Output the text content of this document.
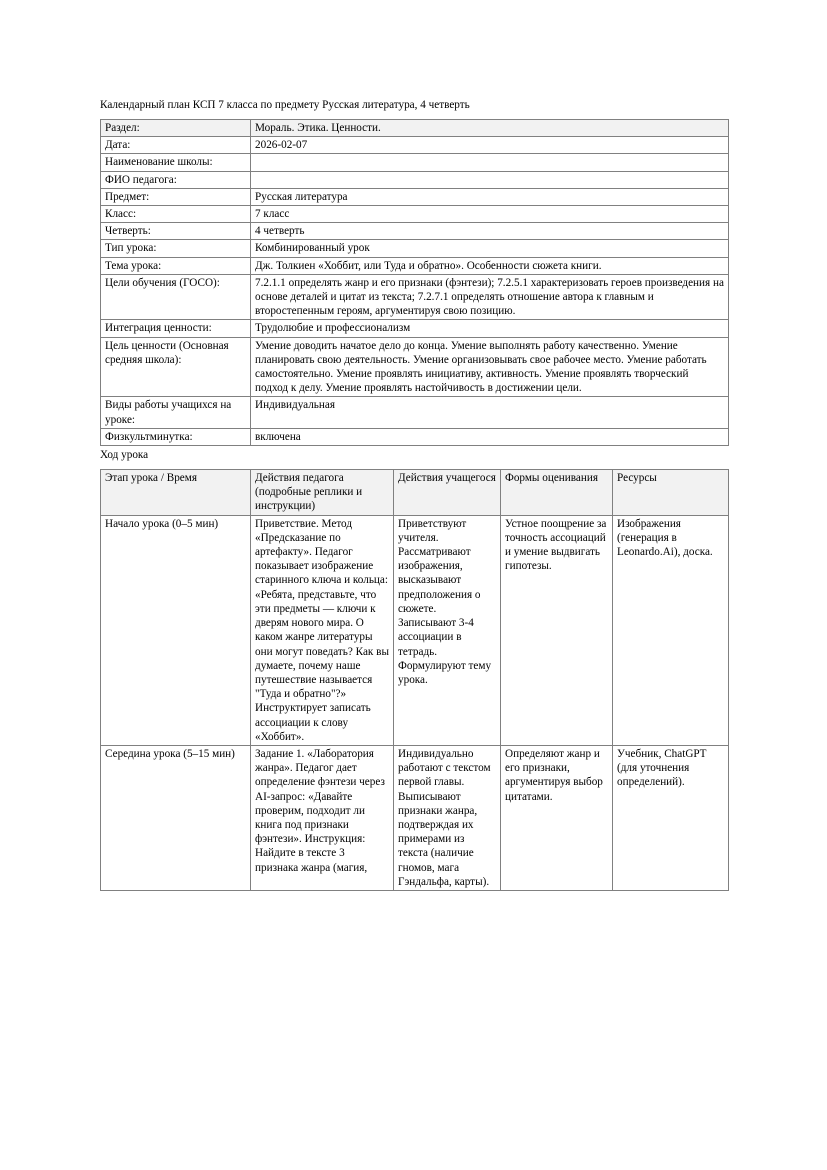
Календарный план КСП 7 класса по предмету Русская литература, 4 четверть
Раздел:	Мораль. Этика. Ценности.
Дата:	2026-02-07
Наименование школы:	
ФИО педагога:	
Предмет:	Русская литература
Класс:	7 класс
Четверть:	4 четверть
Тип урока:	Комбинированный урок
Тема урока:	Дж. Толкиен «Хоббит, или Туда и обратно». Особенности сюжета книги.
Цели обучения (ГОСО):	7.2.1.1 определять жанр и его признаки (фэнтези); 7.2.5.1 характеризовать героев произведения на основе деталей и цитат из текста; 7.2.7.1 определять отношение автора к главным и второстепенным героям, аргументируя свою позицию.
Интеграция ценности:	Трудолюбие и профессионализм
Цель ценности (Основная средняя школа):	Умение доводить начатое дело до конца. Умение выполнять работу качественно. Умение планировать свою деятельность. Умение организовывать свое рабочее место. Умение работать самостоятельно. Умение проявлять инициативу, активность. Умение проявлять творческий подход к делу. Умение проявлять настойчивость в достижении цели.
Виды работы учащихся на уроке:	Индивидуальная
Физкультминутка:	включена
Ход урока
Этап урока / Время	Действия педагога (подробные реплики и инструкции)	Действия учащегося	Формы оценивания	Ресурсы
Начало урока (0–5 мин)	Приветствие. Метод «Предсказание по артефакту». Педагог показывает изображение старинного ключа и кольца: «Ребята, представьте, что эти предметы — ключи к дверям нового мира. О каком жанре литературы они могут поведать? Как вы думаете, почему наше путешествие называется "Туда и обратно"?» Инструктирует записать ассоциации к слову «Хоббит».	Приветствуют учителя. Рассматривают изображения, высказывают предположения о сюжете. Записывают 3-4 ассоциации в тетрадь. Формулируют тему урока.	Устное поощрение за точность ассоциаций и умение выдвигать гипотезы.	Изображения (генерация в Leonardo.Ai), доска.
Середина урока (5–15 мин)	Задание 1. «Лаборатория жанра». Педагог дает определение фэнтези через AI-запрос: «Давайте проверим, подходит ли книга под признаки фэнтези». Инструкция: Найдите в тексте 3 признака жанра (магия,	Индивидуально работают с текстом первой главы. Выписывают признаки жанра, подтверждая их примерами из текста (наличие гномов, мага Гэндальфа, карты).	Определяют жанр и его признаки, аргументируя выбор цитатами.	Учебник, ChatGPT (для уточнения определений).
